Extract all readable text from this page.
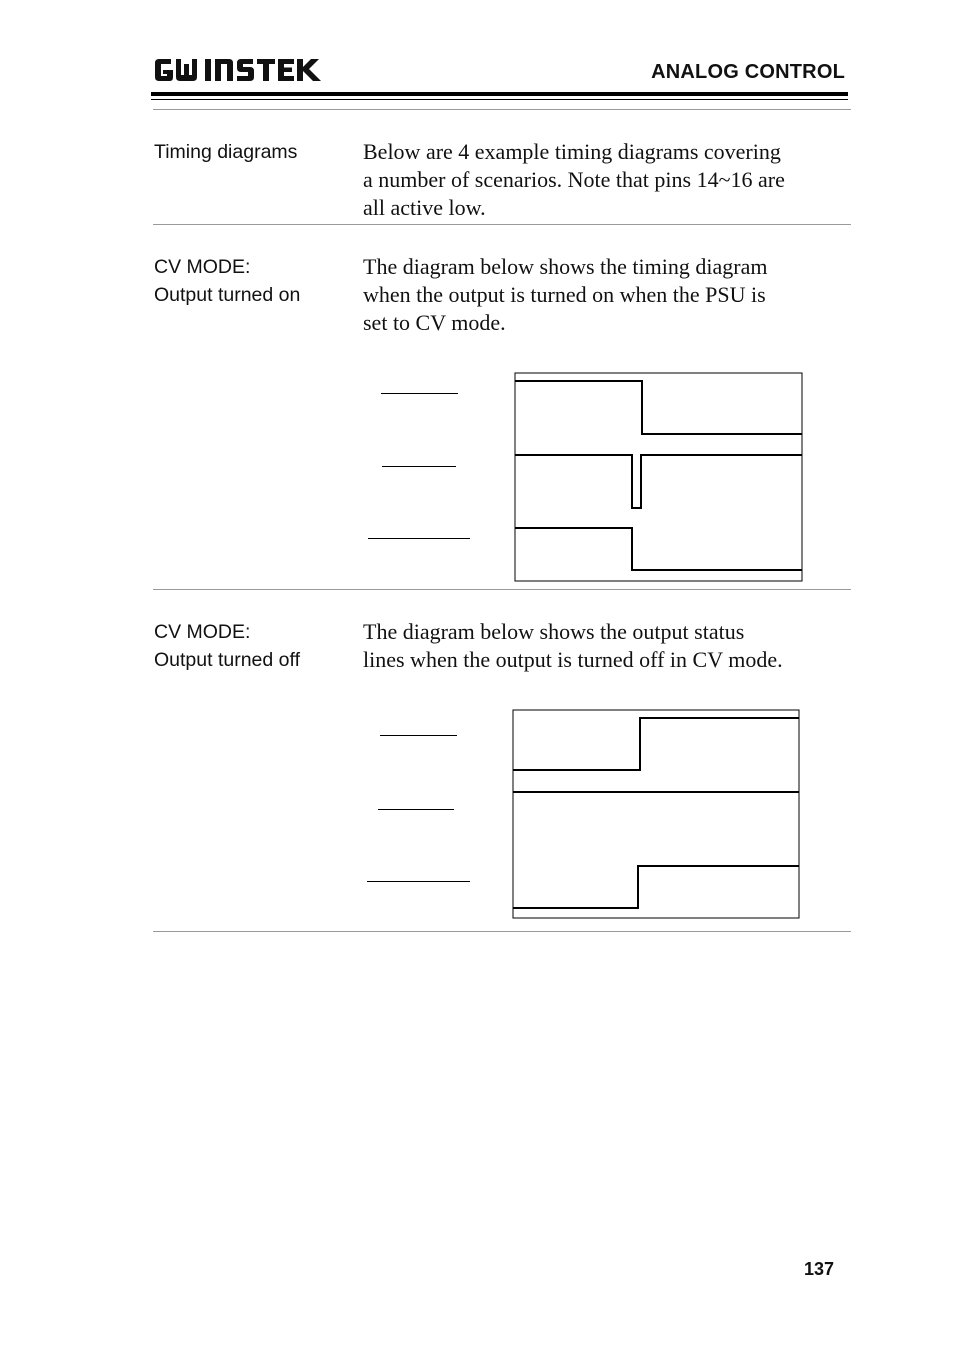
ANALOG CONTROL
Timing diagrams	Below are 4 example timing diagrams covering
a number of scenarios. Note that pins 14~16 are
all active low.
CV MODE:
Output turned on
The diagram below shows the timing diagram
when the output is turned on when the PSU is
set to CV mode.
CV MODE:
Output turned off
The diagram below shows the output status
lines when the output is turned off in CV mode.
137
